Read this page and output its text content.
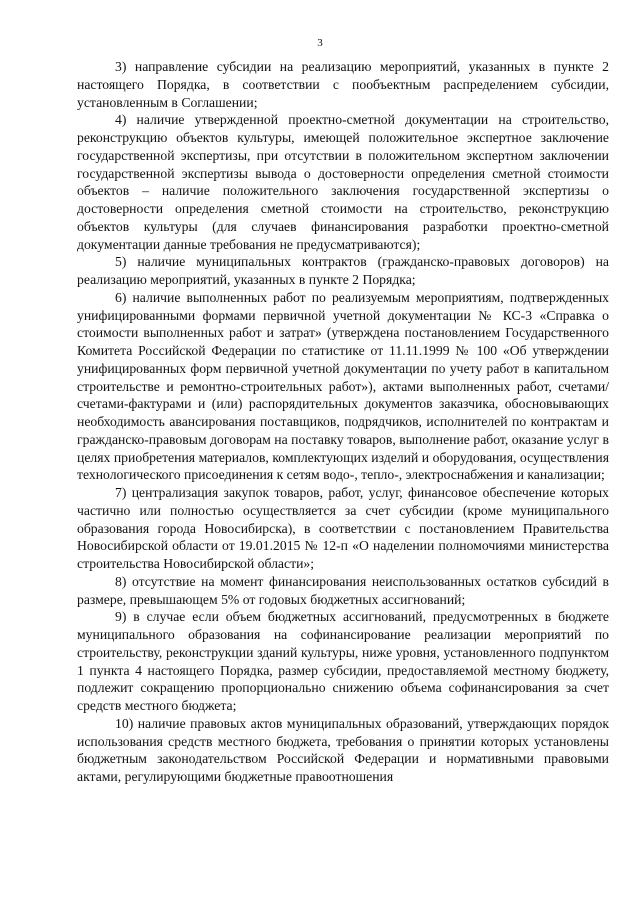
3

3) направление субсидии на реализацию мероприятий, указанных в пункте 2 настоящего Порядка, в соответствии с пообъектным распределением субсидии, установленным в Соглашении;

4) наличие утвержденной проектно-сметной документации на строительство, реконструкцию объектов культуры, имеющей положительное экспертное заключение государственной экспертизы, при отсутствии в положительном экспертном заключении государственной экспертизы вывода о достоверности определения сметной стоимости объектов – наличие положительного заключения государственной экспертизы о достоверности определения сметной стоимости на строительство, реконструкцию объектов культуры (для случаев финансирования разработки проектно-сметной документации данные требования не предусматриваются);

5) наличие муниципальных контрактов (гражданско-правовых договоров) на реализацию мероприятий, указанных в пункте 2 Порядка;

6) наличие выполненных работ по реализуемым мероприятиям, подтвержденных унифицированными формами первичной учетной документации № КС-3 «Справка о стоимости выполненных работ и затрат» (утверждена постановлением Государственного Комитета Российской Федерации по статистике от 11.11.1999 № 100 «Об утверждении унифицированных форм первичной учетной документации по учету работ в капитальном строительстве и ремонтно-строительных работ»), актами выполненных работ, счетами/счетами-фактурами и (или) распорядительных документов заказчика, обосновывающих необходимость авансирования поставщиков, подрядчиков, исполнителей по контрактам и гражданско-правовым договорам на поставку товаров, выполнение работ, оказание услуг в целях приобретения материалов, комплектующих изделий и оборудования, осуществления технологического присоединения к сетям водо-, тепло-, электроснабжения и канализации;

7) централизация закупок товаров, работ, услуг, финансовое обеспечение которых частично или полностью осуществляется за счет субсидии (кроме муниципального образования города Новосибирска), в соответствии с постановлением Правительства Новосибирской области от 19.01.2015 № 12-п «О наделении полномочиями министерства строительства Новосибирской области»;

8) отсутствие на момент финансирования неиспользованных остатков субсидий в размере, превышающем 5% от годовых бюджетных ассигнований;

9) в случае если объем бюджетных ассигнований, предусмотренных в бюджете муниципального образования на софинансирование реализации мероприятий по строительству, реконструкции зданий культуры, ниже уровня, установленного подпунктом 1 пункта 4 настоящего Порядка, размер субсидии, предоставляемой местному бюджету, подлежит сокращению пропорционально снижению объема софинансирования за счет средств местного бюджета;

10) наличие правовых актов муниципальных образований, утверждающих порядок использования средств местного бюджета, требования о принятии которых установлены бюджетным законодательством Российской Федерации и нормативными правовыми актами, регулирующими бюджетные правоотношения
